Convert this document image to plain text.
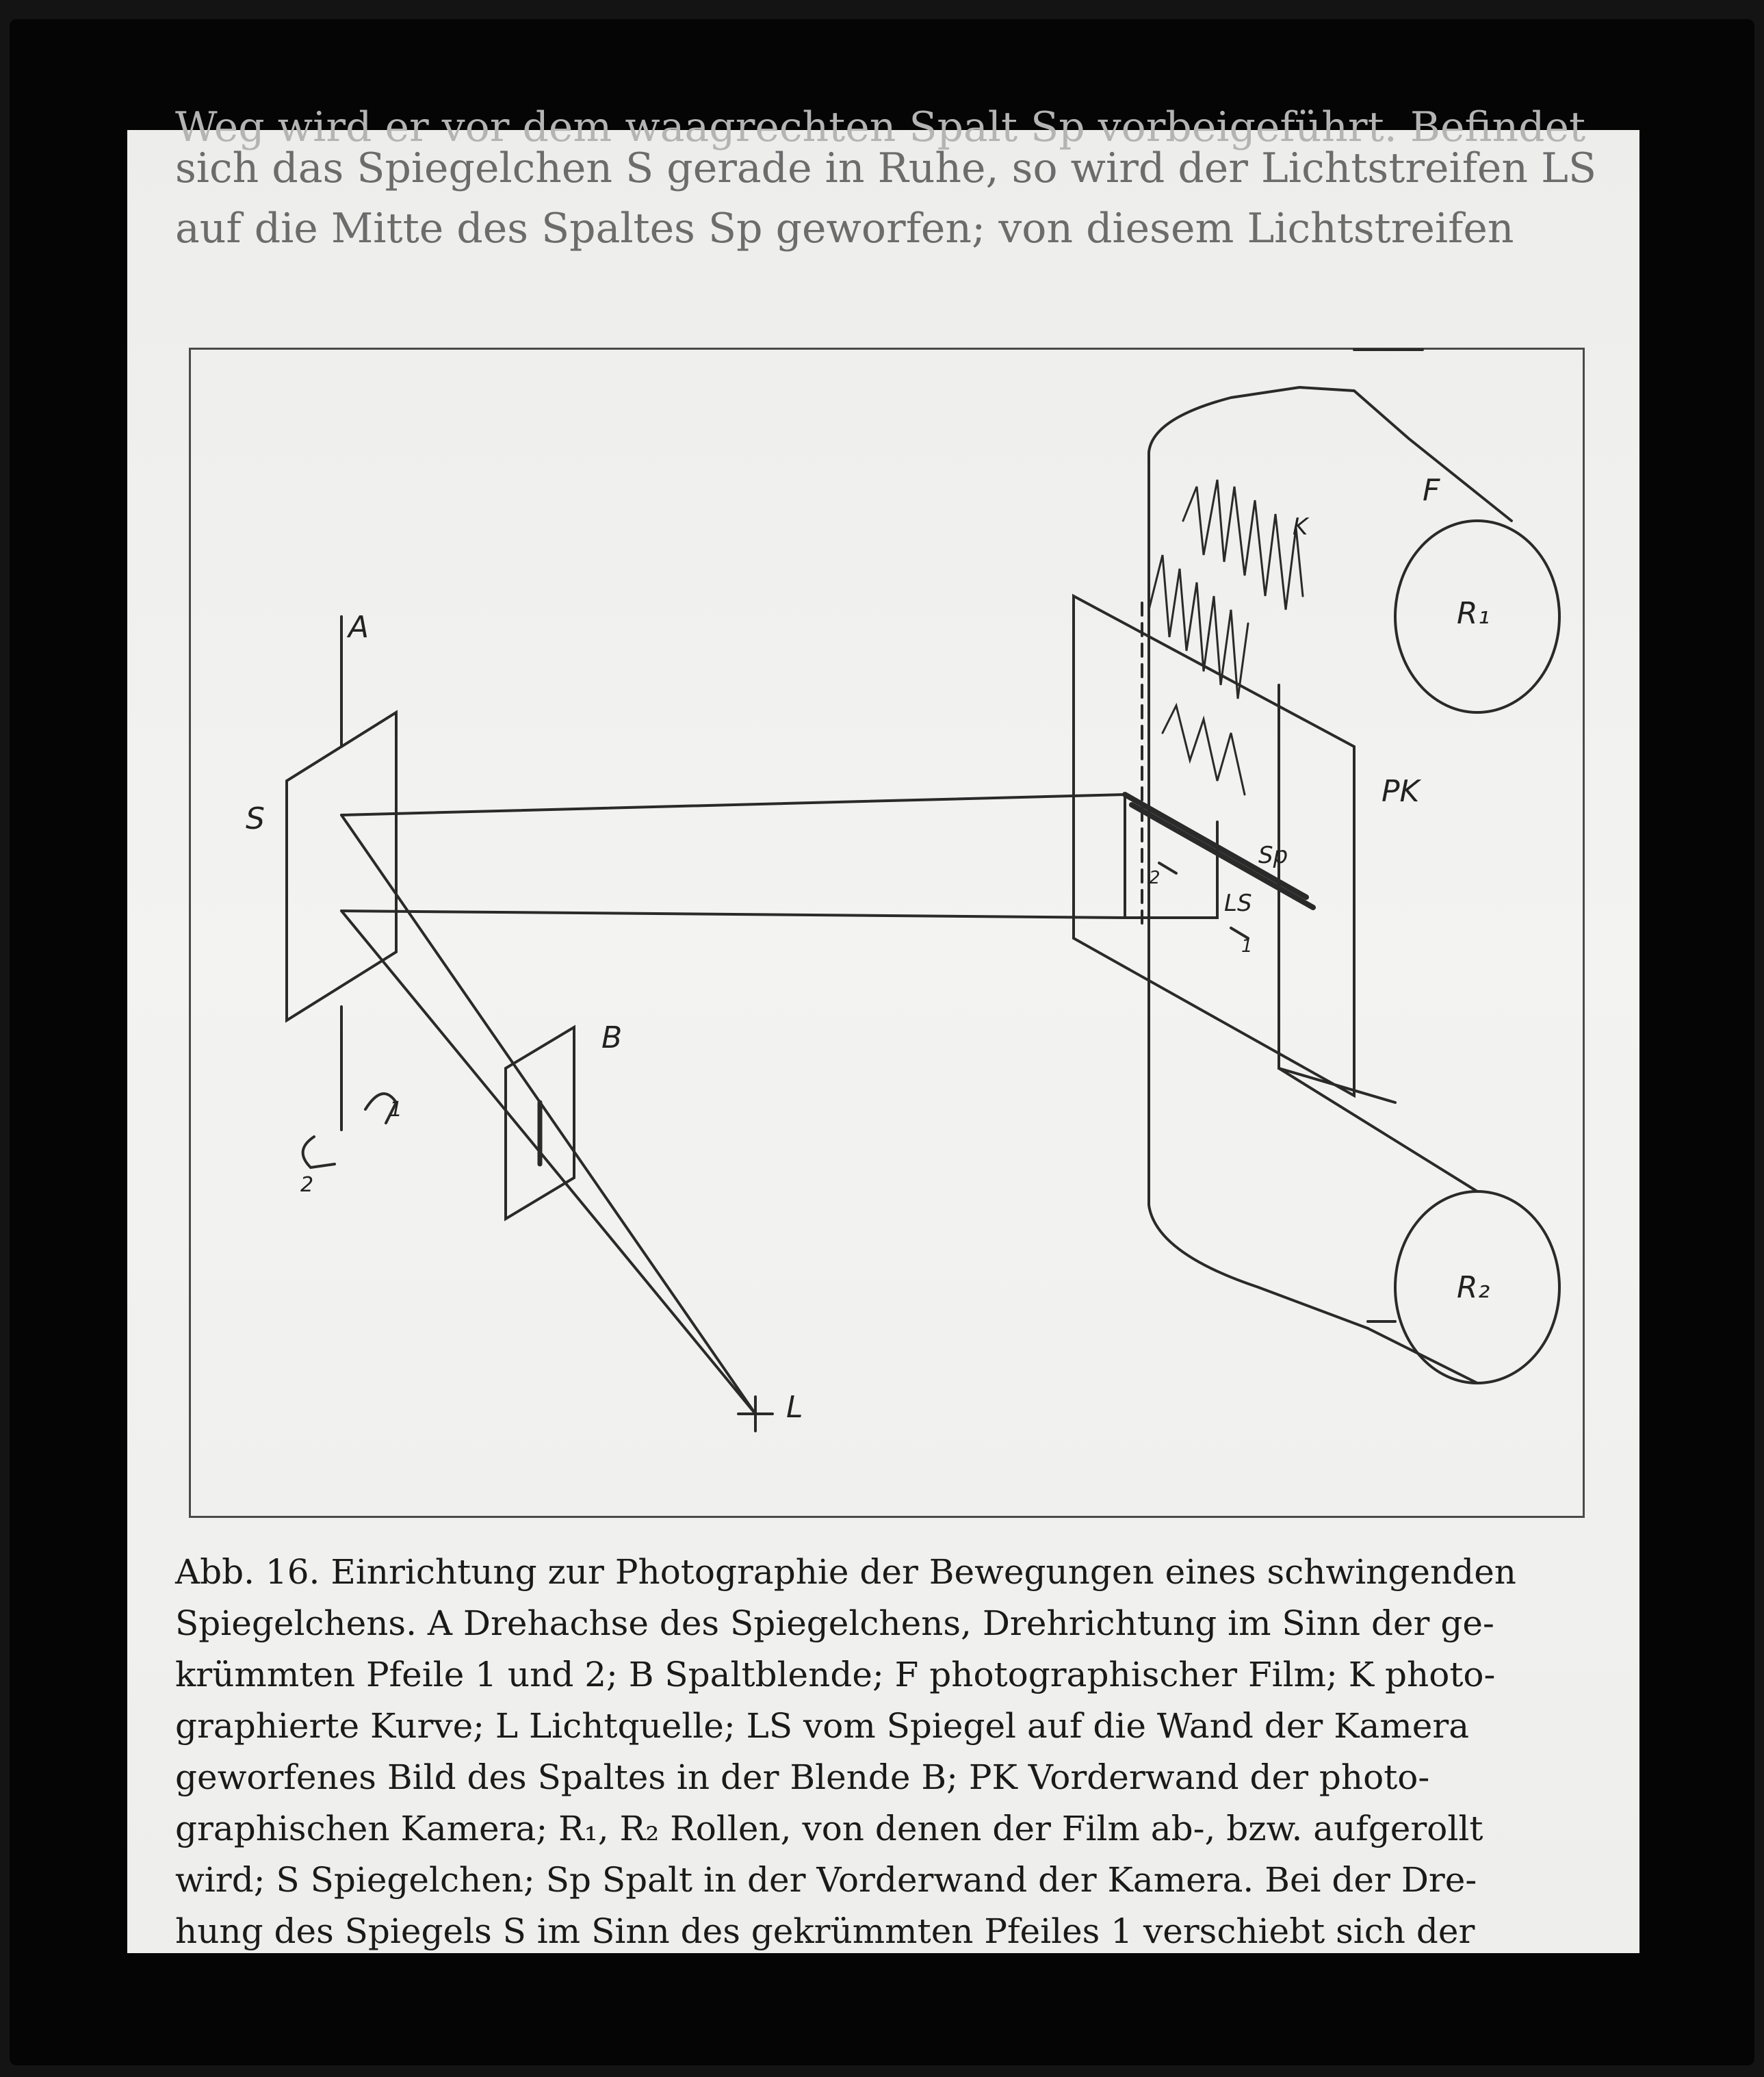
Weg wird er vor dem waagrechten Spalt Sp vorbeigeführt. Befindet
sich das Spiegelchen S gerade in Ruhe, so wird der Lichtstreifen LS
auf die Mitte des Spaltes Sp geworfen; von diesem Lichtstreifen
A
S
B
L
F
PK
Sp
LS
K
R₁
R₂
1
2
1
2
Abb. 16. Einrichtung zur Photographie der Bewegungen eines schwingenden
Spiegelchens. A Drehachse des Spiegelchens, Drehrichtung im Sinn der ge-
krümmten Pfeile 1 und 2; B Spaltblende; F photographischer Film; K photo-
graphierte Kurve; L Lichtquelle; LS vom Spiegel auf die Wand der Kamera
geworfenes Bild des Spaltes in der Blende B; PK Vorderwand der photo-
graphischen Kamera; R₁, R₂ Rollen, von denen der Film ab-, bzw. aufgerollt
wird; S Spiegelchen; Sp Spalt in der Vorderwand der Kamera. Bei der Dre-
hung des Spiegels S im Sinn des gekrümmten Pfeiles 1 verschiebt sich der
